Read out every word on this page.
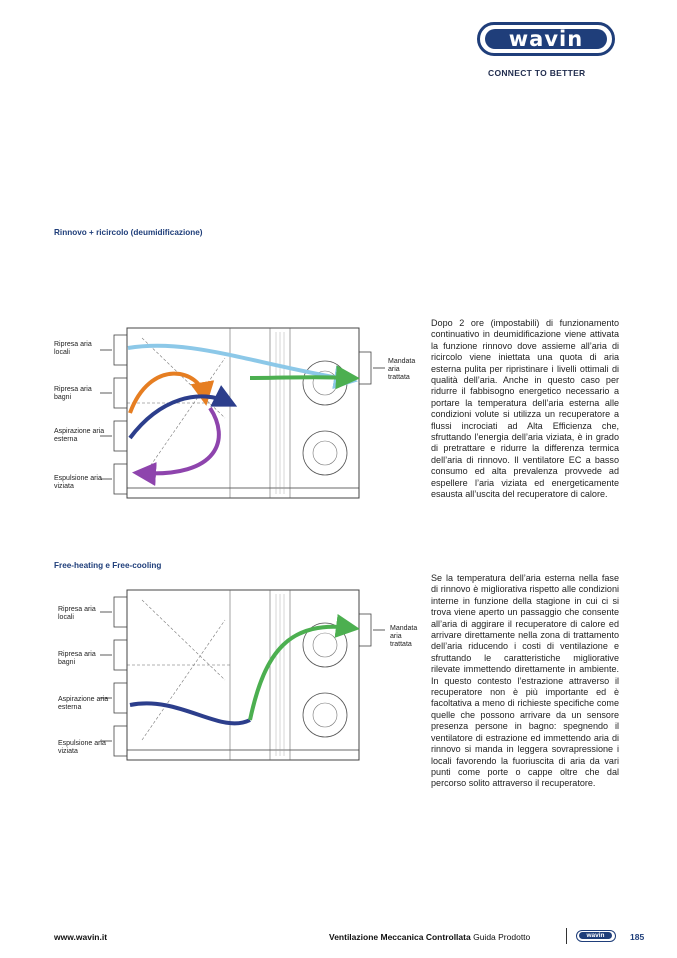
wavin
CONNECT TO BETTER
Rinnovo + ricircolo (deumidificazione)
Ripresa aria locali
Ripresa aria bagni
Aspirazione aria esterna
Espulsione aria viziata
Mandata aria trattata
Dopo 2 ore (impostabili) di funzionamento continuativo in deumidificazione viene attivata la funzione rinnovo dove assieme all’aria di ricircolo viene iniettata una quota di aria esterna pulita per ripristinare i livelli ottimali di qualità dell’aria. Anche in questo caso per ridurre il fabbisogno energetico necessario a portare la temperatura dell’aria esterna alle condizioni volute si utilizza un recuperatore a flussi incrociati ad Alta Efficienza che, sfruttando l’energia dell’aria viziata, è in grado di pretrattare e ridurre la differenza termica dell’aria di rinnovo. Il ventilatore EC a basso consumo ed alta prevalenza provvede ad espellere l’aria viziata ed energeticamente esausta all’uscita del recuperatore di calore.
Free-heating e Free-cooling
Ripresa aria locali
Ripresa aria bagni
Aspirazione aria esterna
Espulsione aria viziata
Mandata aria trattata
Se la temperatura dell’aria esterna nella fase di rinnovo è migliorativa rispetto alle condizioni interne in funzione della stagione in cui ci si trova viene aperto un passaggio che consente all’aria di aggirare il recuperatore di calore ed arrivare direttamente nella zona di trattamento dell’aria riducendo i costi di ventilazione e sfruttando le caratteristiche migliorative rilevate immettendo direttamente in ambiente. In questo contesto l’estrazione attraverso il recuperatore non è più importante ed è facoltativa a meno di richieste specifiche come quelle che possono arrivare da un sensore presenza persone in bagno: spegnendo il ventilatore di estrazione ed immettendo aria di rinnovo si manda in leggera sovrapressione i locali favorendo la fuoriuscita di aria da vari punti come porte o cappe oltre che dal percorso solito attraverso il recuperatore.
www.wavin.it	Ventilazione Meccanica Controllata Guida Prodotto	wavin	185
